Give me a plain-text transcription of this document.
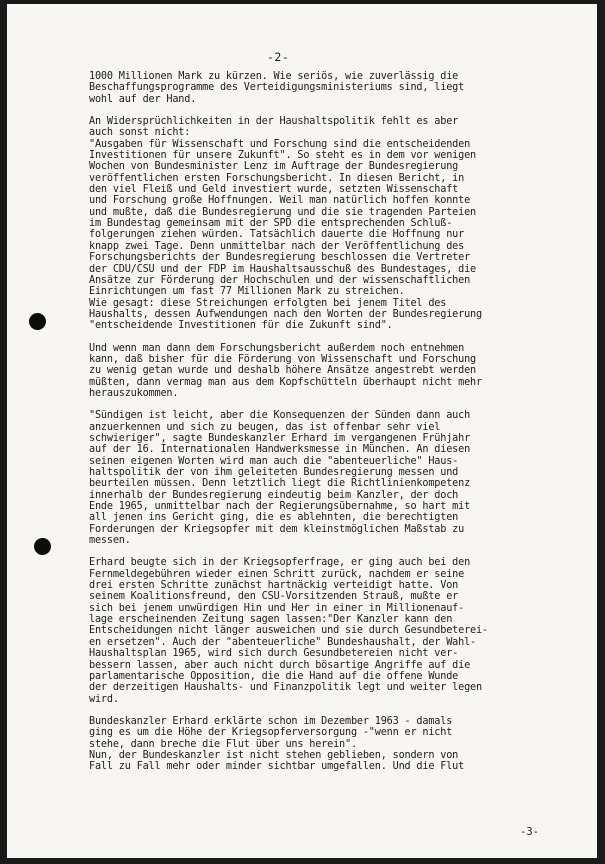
-2-
1000 Millionen Mark zu kürzen. Wie seriös, wie zuverlässig die
Beschaffungsprogramme des Verteidigungsministeriums sind, liegt
wohl auf der Hand.
An Widersprüchlichkeiten in der Haushaltspolitik fehlt es aber
auch sonst nicht:
"Ausgaben für Wissenschaft und Forschung sind die entscheidenden
Investitionen für unsere Zukunft". So steht es in dem vor wenigen
Wochen von Bundesminister Lenz im Auftrage der Bundesregierung
veröffentlichen ersten Forschungsbericht. In diesen Bericht, in
den viel Fleiß und Geld investiert wurde, setzten Wissenschaft
und Forschung große Hoffnungen. Weil man natürlich hoffen konnte
und mußte, daß die Bundesregierung und die sie tragenden Parteien
im Bundestag gemeinsam mit der SPD die entsprechenden Schluß-
folgerungen ziehen würden. Tatsächlich dauerte die Hoffnung nur
knapp zwei Tage. Denn unmittelbar nach der Veröffentlichung des
Forschungsberichts der Bundesregierung beschlossen die Vertreter
der CDU/CSU und der FDP im Haushaltsausschuß des Bundestages, die
Ansätze zur Förderung der Hochschulen und der wissenschaftlichen
Einrichtungen um fast 77 Millionen Mark zu streichen.
Wie gesagt: diese Streichungen erfolgten bei jenem Titel des
Haushalts, dessen Aufwendungen nach den Worten der Bundesregierung
"entscheidende Investitionen für die Zukunft sind".
Und wenn man dann dem Forschungsbericht außerdem noch entnehmen
kann, daß bisher für die Förderung von Wissenschaft und Forschung
zu wenig getan wurde und deshalb höhere Ansätze angestrebt werden
müßten, dann vermag man aus dem Kopfschütteln überhaupt nicht mehr
herauszukommen.
"Sündigen ist leicht, aber die Konsequenzen der Sünden dann auch
anzuerkennen und sich zu beugen, das ist offenbar sehr viel
schwieriger", sagte Bundeskanzler Erhard im vergangenen Frühjahr
auf der 16. Internationalen Handwerksmesse in München. An diesen
seinen eigenen Worten wird man auch die "abenteuerliche" Haus-
haltspolitik der von ihm geleiteten Bundesregierung messen und
beurteilen müssen. Denn letztlich liegt die Richtlinienkompetenz
innerhalb der Bundesregierung eindeutig beim Kanzler, der doch
Ende 1965, unmittelbar nach der Regierungsübernahme, so hart mit
all jenen ins Gericht ging, die es ablehnten, die berechtigten
Forderungen der Kriegsopfer mit dem kleinstmöglichen Maßstab zu
messen.
Erhard beugte sich in der Kriegsopferfrage, er ging auch bei den
Fernmeldegebühren wieder einen Schritt zurück, nachdem er seine
drei ersten Schritte zunächst hartnäckig verteidigt hatte. Von
seinem Koalitionsfreund, den CSU-Vorsitzenden Strauß, mußte er
sich bei jenem unwürdigen Hin und Her in einer in Millionenauf-
lage erscheinenden Zeitung sagen lassen:"Der Kanzler kann den
Entscheidungen nicht länger ausweichen und sie durch Gesundbeterei-
en ersetzen". Auch der "abenteuerliche" Bundeshaushalt, der Wahl-
Haushaltsplan 1965, wird sich durch Gesundbetereien nicht ver-
bessern lassen, aber auch nicht durch bösartige Angriffe auf die
parlamentarische Opposition, die die Hand auf die offene Wunde
der derzeitigen Haushalts- und Finanzpolitik legt und weiter legen
wird.
Bundeskanzler Erhard erklärte schon im Dezember 1963 - damals
ging es um die Höhe der Kriegsopferversorgung -"wenn er nicht
stehe, dann breche die Flut über uns herein".
Nun, der Bundeskanzler ist nicht stehen geblieben, sondern von
Fall zu Fall mehr oder minder sichtbar umgefallen. Und die Flut
-3-
